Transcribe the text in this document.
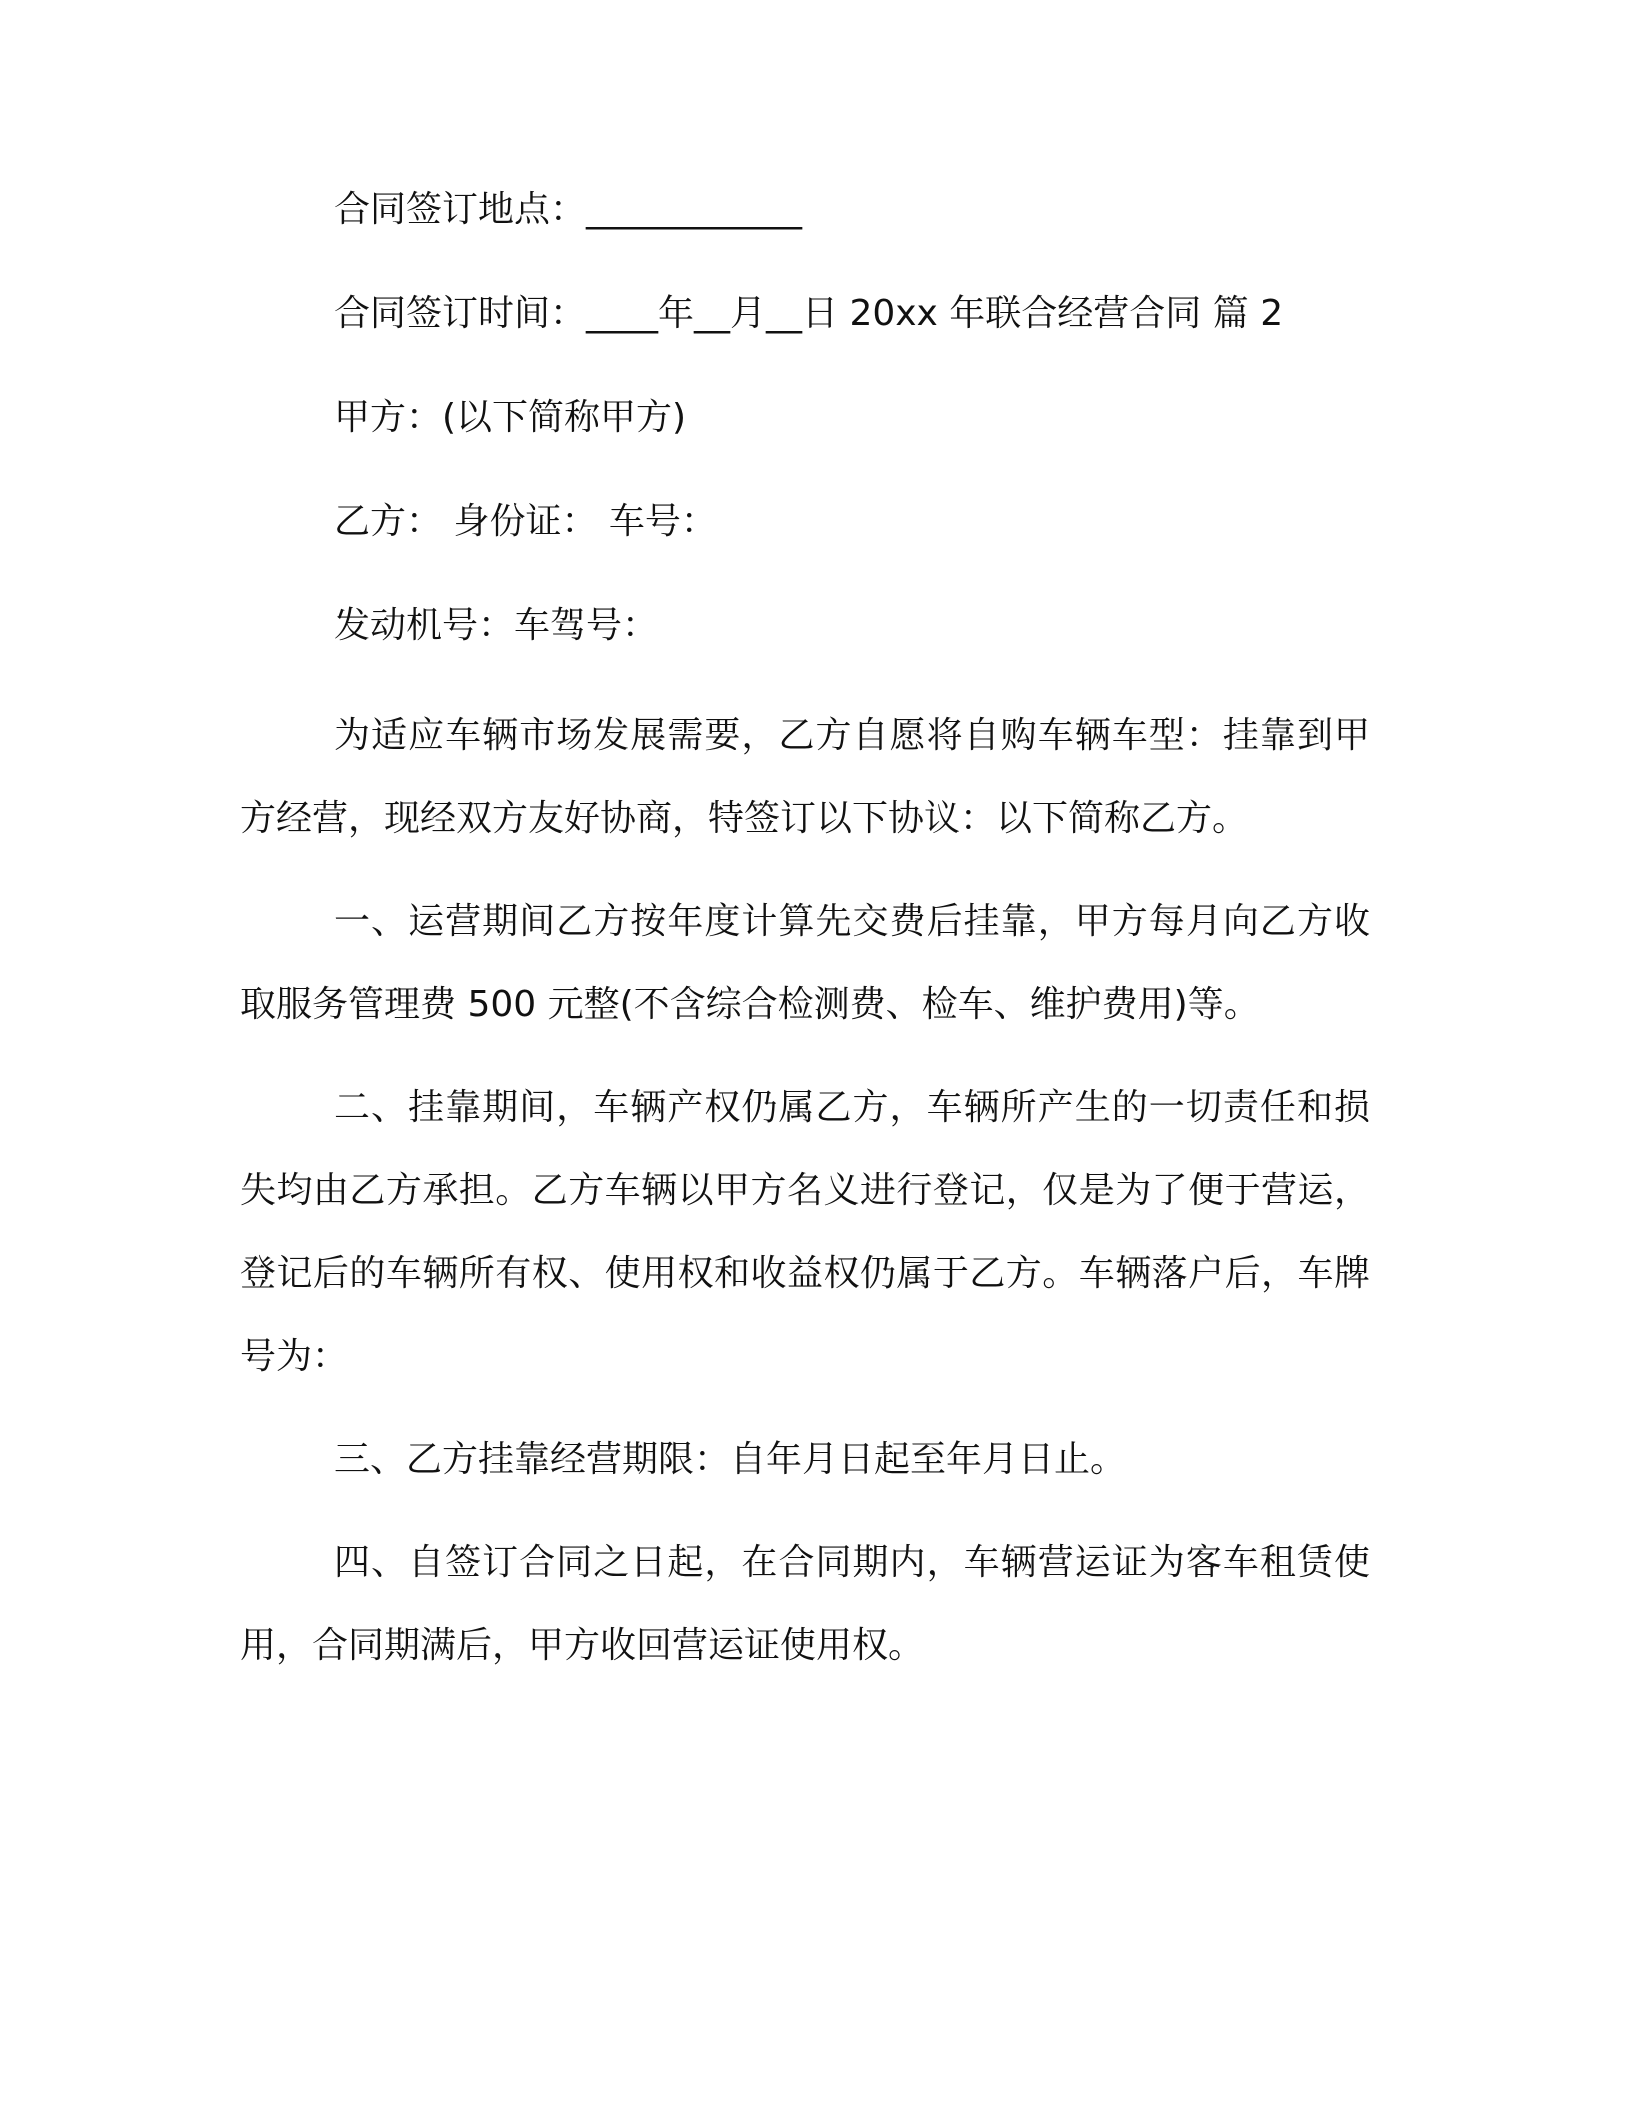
合同签订地点：____________

合同签订时间：____年__月__日 20xx 年联合经营合同 篇 2

甲方：(以下简称甲方)

乙方： 身份证： 车号：

发动机号：车驾号：

为适应车辆市场发展需要，乙方自愿将自购车辆车型：挂靠到甲方经营，现经双方友好协商，特签订以下协议：以下简称乙方。

一、运营期间乙方按年度计算先交费后挂靠，甲方每月向乙方收取服务管理费 500 元整(不含综合检测费、检车、维护费用)等。

二、挂靠期间，车辆产权仍属乙方，车辆所产生的一切责任和损失均由乙方承担。乙方车辆以甲方名义进行登记，仅是为了便于营运，登记后的车辆所有权、使用权和收益权仍属于乙方。车辆落户后，车牌号为：

三、乙方挂靠经营期限：自年月日起至年月日止。

四、自签订合同之日起，在合同期内，车辆营运证为客车租赁使用，合同期满后，甲方收回营运证使用权。
